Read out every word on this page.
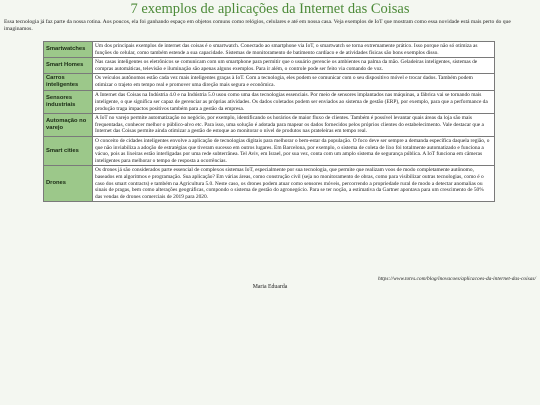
7 exemplos de aplicações da Internet das Coisas

Essa tecnologia já faz parte da nossa rotina. Aos poucos, ela foi ganhando espaço em objetos comuns como relógios, celulares e até em nossa casa. Veja exemplos de IoT que mostram como essa novidade está mais perto do que imaginamos.

Smartwatches	Um dos principais exemplos de internet das coisas é o smartwatch. Conectado ao smartphone via IoT, o smartwatch se torna extremamente prático. Isso porque não só otimiza as funções do celular, como também estende a sua capacidade. Sistemas de monitoramento de batimento cardíaco e de atividades físicas são bons exemplos disso.
Smart Homes	Nas casas inteligentes os eletrônicos se comunicam com um smartphone para permitir que o usuário gerencie os ambientes na palma da mão. Geladeiras inteligentes, sistemas de compras automáticas, televisão e iluminação são apenas alguns exemplos. Para ir além, o controle pode ser feito via comando de voz.
Carros inteligentes	Os veículos autônomos estão cada vez mais inteligentes graças à IoT. Com a tecnologia, eles podem se comunicar com o seu dispositivo móvel e trocar dados. Também podem otimizar o trajeto em tempo real e promover uma direção mais segura e econômica.
Sensores industriais	A Internet das Coisas na Indústria 4.0 e na Indústria 5.0 usou como uma das tecnologias essenciais. Por meio de sensores implantados nas máquinas, a fábrica vai se tornando mais inteligente, o que significa ser capaz de gerenciar as próprias atividades. Os dados coletados podem ser enviados ao sistema de gestão (ERP), por exemplo, para que a performance da produção traga impactos positivos também para a gestão da empresa.
Automação no varejo	A IoT no varejo permite automatização no negócio, por exemplo, identificando os horários de maior fluxo de clientes. Também é possível levantar quais áreas da loja são mais frequentadas, conhecer melhor o público-alvo etc. Para isso, uma solução é adotada para mapear os dados fornecidos pelos próprios clientes do estabelecimento. Vale destacar que a Internet das Coisas permite ainda otimizar a gestão de estoque ao monitorar o nível de produtos nas prateleiras em tempo real.
Smart cities	O conceito de cidades inteligentes envolve a aplicação de tecnologias digitais para melhorar o bem-estar da população. O foco deve ser sempre a demanda específica daquela região, o que não inviabiliza a adoção de estratégias que tiveram sucesso em outros lugares. Em Barcelona, por exemplo, o sistema de coleta de lixo foi totalmente automatizado e funciona a vácuo, pois as lixeiras estão interligadas por uma rede subterrânea. Tel Aviv, em Israel, por sua vez, conta com um amplo sistema de segurança pública. A IoT funciona em câmeras inteligentes para melhorar o tempo de resposta a ocorrências.
Drones	Os drones já são considerados parte essencial de complexos sistemas IoT, especialmente por sua tecnologia, que permite que realizam voos de modo completamente autônomo, baseados em algoritmos e programação. Sua aplicação? Em várias áreas, como construção civil (seja no monitoramento de obras, como para visibilizar outras tecnologias, como é o caso dos smart contracts) e também na Agricultura 5.0. Neste caso, os drones podem atuar como sensores móveis, percorrendo a propriedade rural de modo a detectar anomalias ou sinais de pragas, bem como alterações geográficas, compondo o sistema de gestão do agronegócio. Para se ter noção, a estimativa da Gartner apontava para um crescimento de 50% das vendas de drones comerciais de 2019 para 2020.
https://www.totvs.com/blog/inovacoes/aplicacoes-da-internet-das-coisas/
Maria Eduarda
